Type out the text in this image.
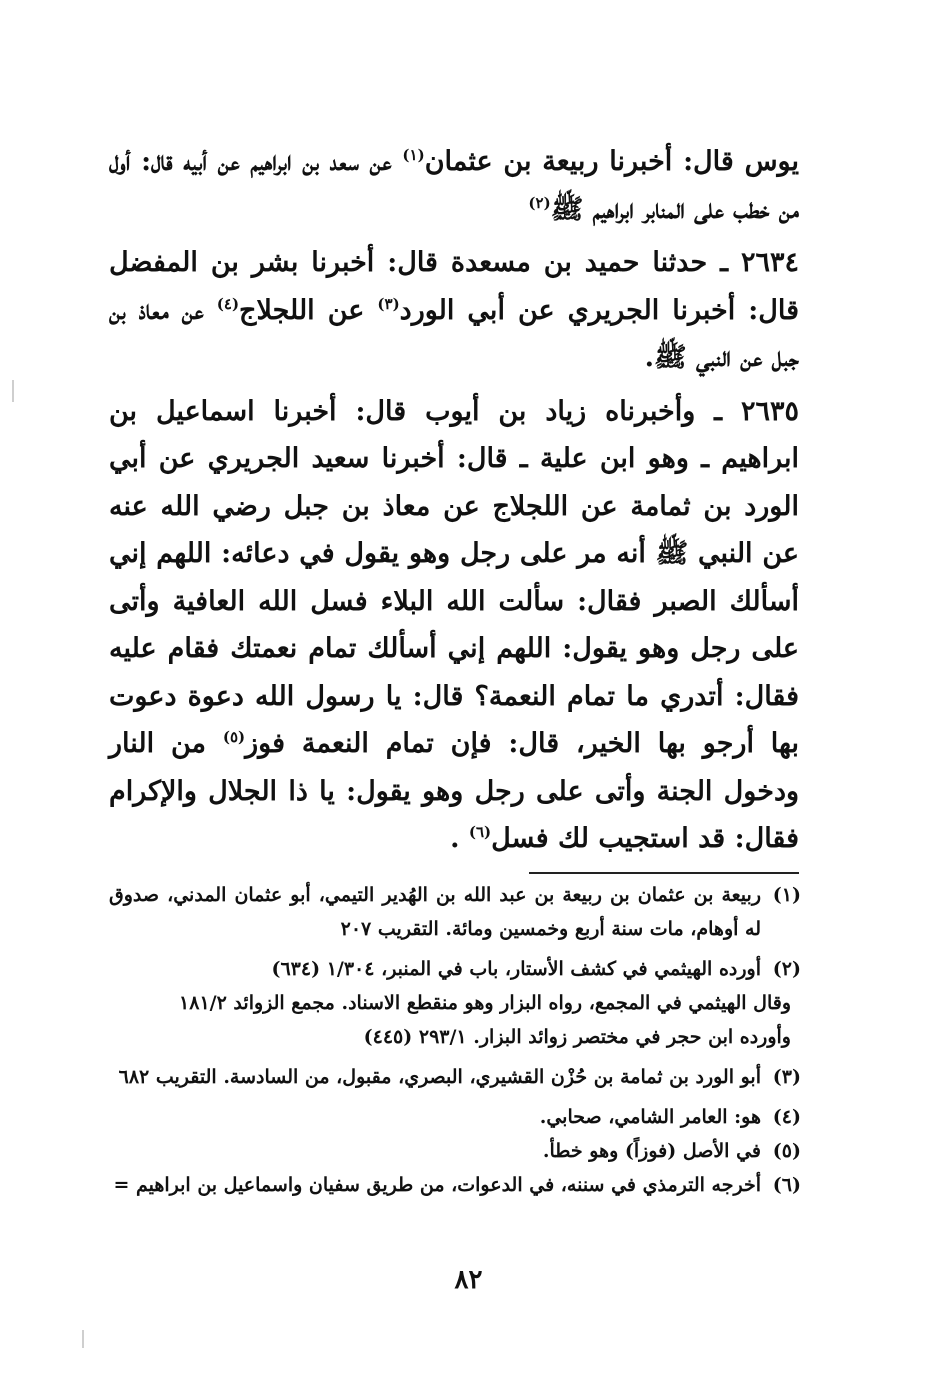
يوس قال: أخبرنا ربيعة بن عثمان$^{(١)}$ عن سعد بن ابراهيم عن أبيه قال: أول من خطب على المنابر ابراهيم ﷺ$^{(٢)}$

٢٦٣٤ ـ حدثنا حميد بن مسعدة قال: أخبرنا بشر بن المفضل قال: أخبرنا الجريري عن أبي الورد$^{(٣)}$ عن اللجلاج$^{(٤)}$ عن معاذ بن جبل عن النبي ﷺ.

٢٦٣٥ ـ وأخبرناه زياد بن أيوب قال: أخبرنا اسماعيل بن ابراهيم ـ وهو ابن علية ـ قال: أخبرنا سعيد الجريري عن أبي الورد بن ثمامة عن اللجلاج عن معاذ بن جبل رضي الله عنه عن النبي ﷺ أنه مر على رجل وهو يقول في دعائه: اللهم إني أسألك الصبر فقال: سألت الله البلاء فسل الله العافية وأتى على رجل وهو يقول: اللهم إني أسألك تمام نعمتك فقام عليه فقال: أتدري ما تمام النعمة؟ قال: يا رسول الله دعوة دعوت بها أرجو بها الخير، قال: فإن تمام النعمة فوز$^{(٥)}$ من النار ودخول الجنة وأتى على رجل وهو يقول: يا ذا الجلال والإكرام فقال: قد استجيب لك فسل$^{(٦)}$ .

(١)
ربيعة بن عثمان بن ربيعة بن عبد الله بن الهُدير التيمي، أبو عثمان المدني، صدوق له أوهام، مات سنة أربع وخمسين ومائة. التقريب ٢٠٧
(٢)
أورده الهيثمي في كشف الأستار، باب في المنبر، ١/٣٠٤ (٦٣٤)
وقال الهيثمي في المجمع، رواه البزار وهو منقطع الاسناد. مجمع الزوائد ١٨١/٢
وأورده ابن حجر في مختصر زوائد البزار. ٢٩٣/١ (٤٤٥)
(٣)
أبو الورد بن ثمامة بن حُزْن القشيري، البصري، مقبول، من السادسة. التقريب ٦٨٢
(٤)
هو: العامر الشامي، صحابي.
(٥)
في الأصل (فوزاً) وهو خطأ.
(٦)
أخرجه الترمذي في سننه، في الدعوات، من طريق سفيان واسماعيل بن ابراهيم =
٨٢
